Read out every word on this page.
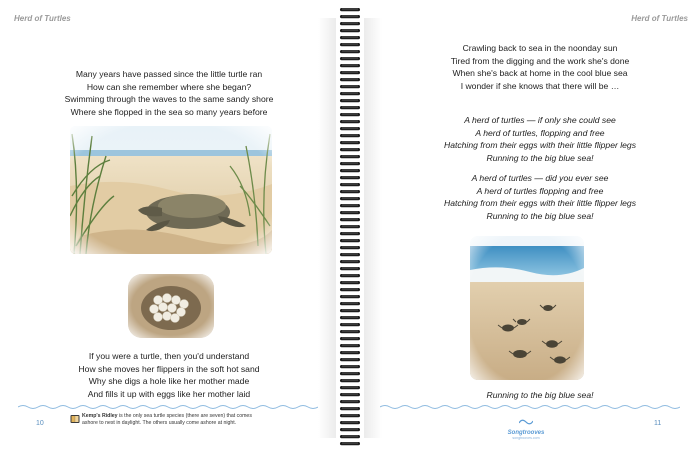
Herd of Turtles
Many years have passed since the little turtle ran
How can she remember where she began?
Swimming through the waves to the same sandy shore
Where she flopped in the sea so many years before
If you were a turtle, then you'd understand
How she moves her flippers in the soft hot sand
Why she digs a hole like her mother made
And fills it up with eggs like her mother laid
10
Kemp's Ridley is the only sea turtle species (there are seven) that comes
ashore to nest in daylight. The others usually come ashore at night.
Herd of Turtles
Crawling back to sea in the noonday sun
Tired from the digging and the work she's done
When she's back at home in the cool blue sea
I wonder if she knows that there will be …
A herd of turtles — if only she could see
A herd of turtles, flopping and free
Hatching from their eggs with their little flipper legs
Running to the big blue sea!
A herd of turtles — did you ever see
A herd of turtles flopping and free
Hatching from their eggs with their little flipper legs
Running to the big blue sea!
Running to the big blue sea!
Songtrooves
songtrooves.com
11
